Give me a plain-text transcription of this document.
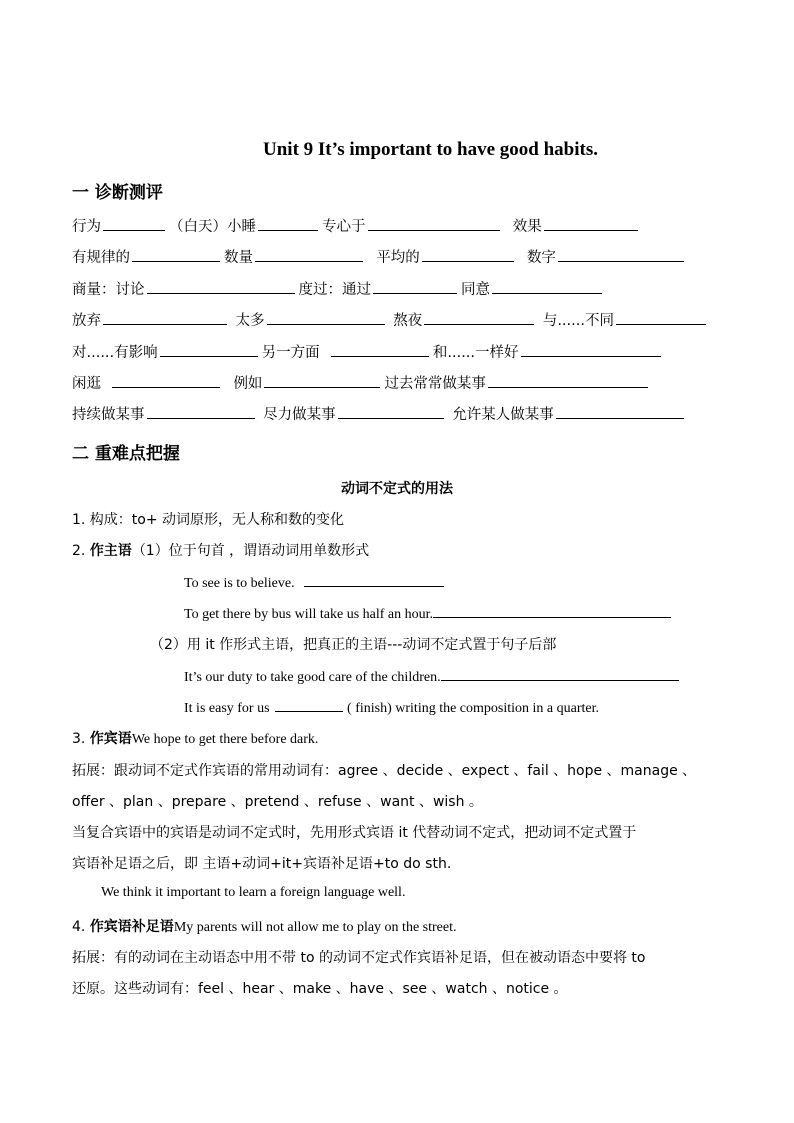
Unit 9 It’s important to have good habits.
一 诊断测评
行为	（白天）小睡	专心于	效果
有规律的	数量	平均的	数字
商量：讨论	度过：通过	同意
放弃	太多	熬夜	与......不同
对......有影响	另一方面	和......一样好
闲逛	例如	过去常常做某事
持续做某事	尽力做某事	允许某人做某事
二 重难点把握
动词不定式的用法
1. 构成：to+ 动词原形，无人称和数的变化
2. 作主语（1）位于句首 ，谓语动词用单数形式
To see is to believe.
To get there by bus will take us half an hour.
（2）用 it 作形式主语，把真正的主语---动词不定式置于句子后部
It’s our duty to take good care of the children.
It is easy for us	( finish) writing the composition in a quarter.
3. 作宾语We hope to get there before dark.
拓展：跟动词不定式作宾语的常用动词有：agree 、decide 、expect 、fail 、hope 、manage 、
offer 、plan 、prepare 、pretend 、refuse 、want 、wish 。
当复合宾语中的宾语是动词不定式时，先用形式宾语 it 代替动词不定式，把动词不定式置于
宾语补足语之后，即 主语+动词+it+宾语补足语+to do sth.
We think it important to learn a foreign language well.
4. 作宾语补足语My parents will not allow me to play on the street.
拓展：有的动词在主动语态中用不带 to 的动词不定式作宾语补足语，但在被动语态中要将 to
还原。这些动词有：feel 、hear 、make 、have 、see 、watch 、notice 。
